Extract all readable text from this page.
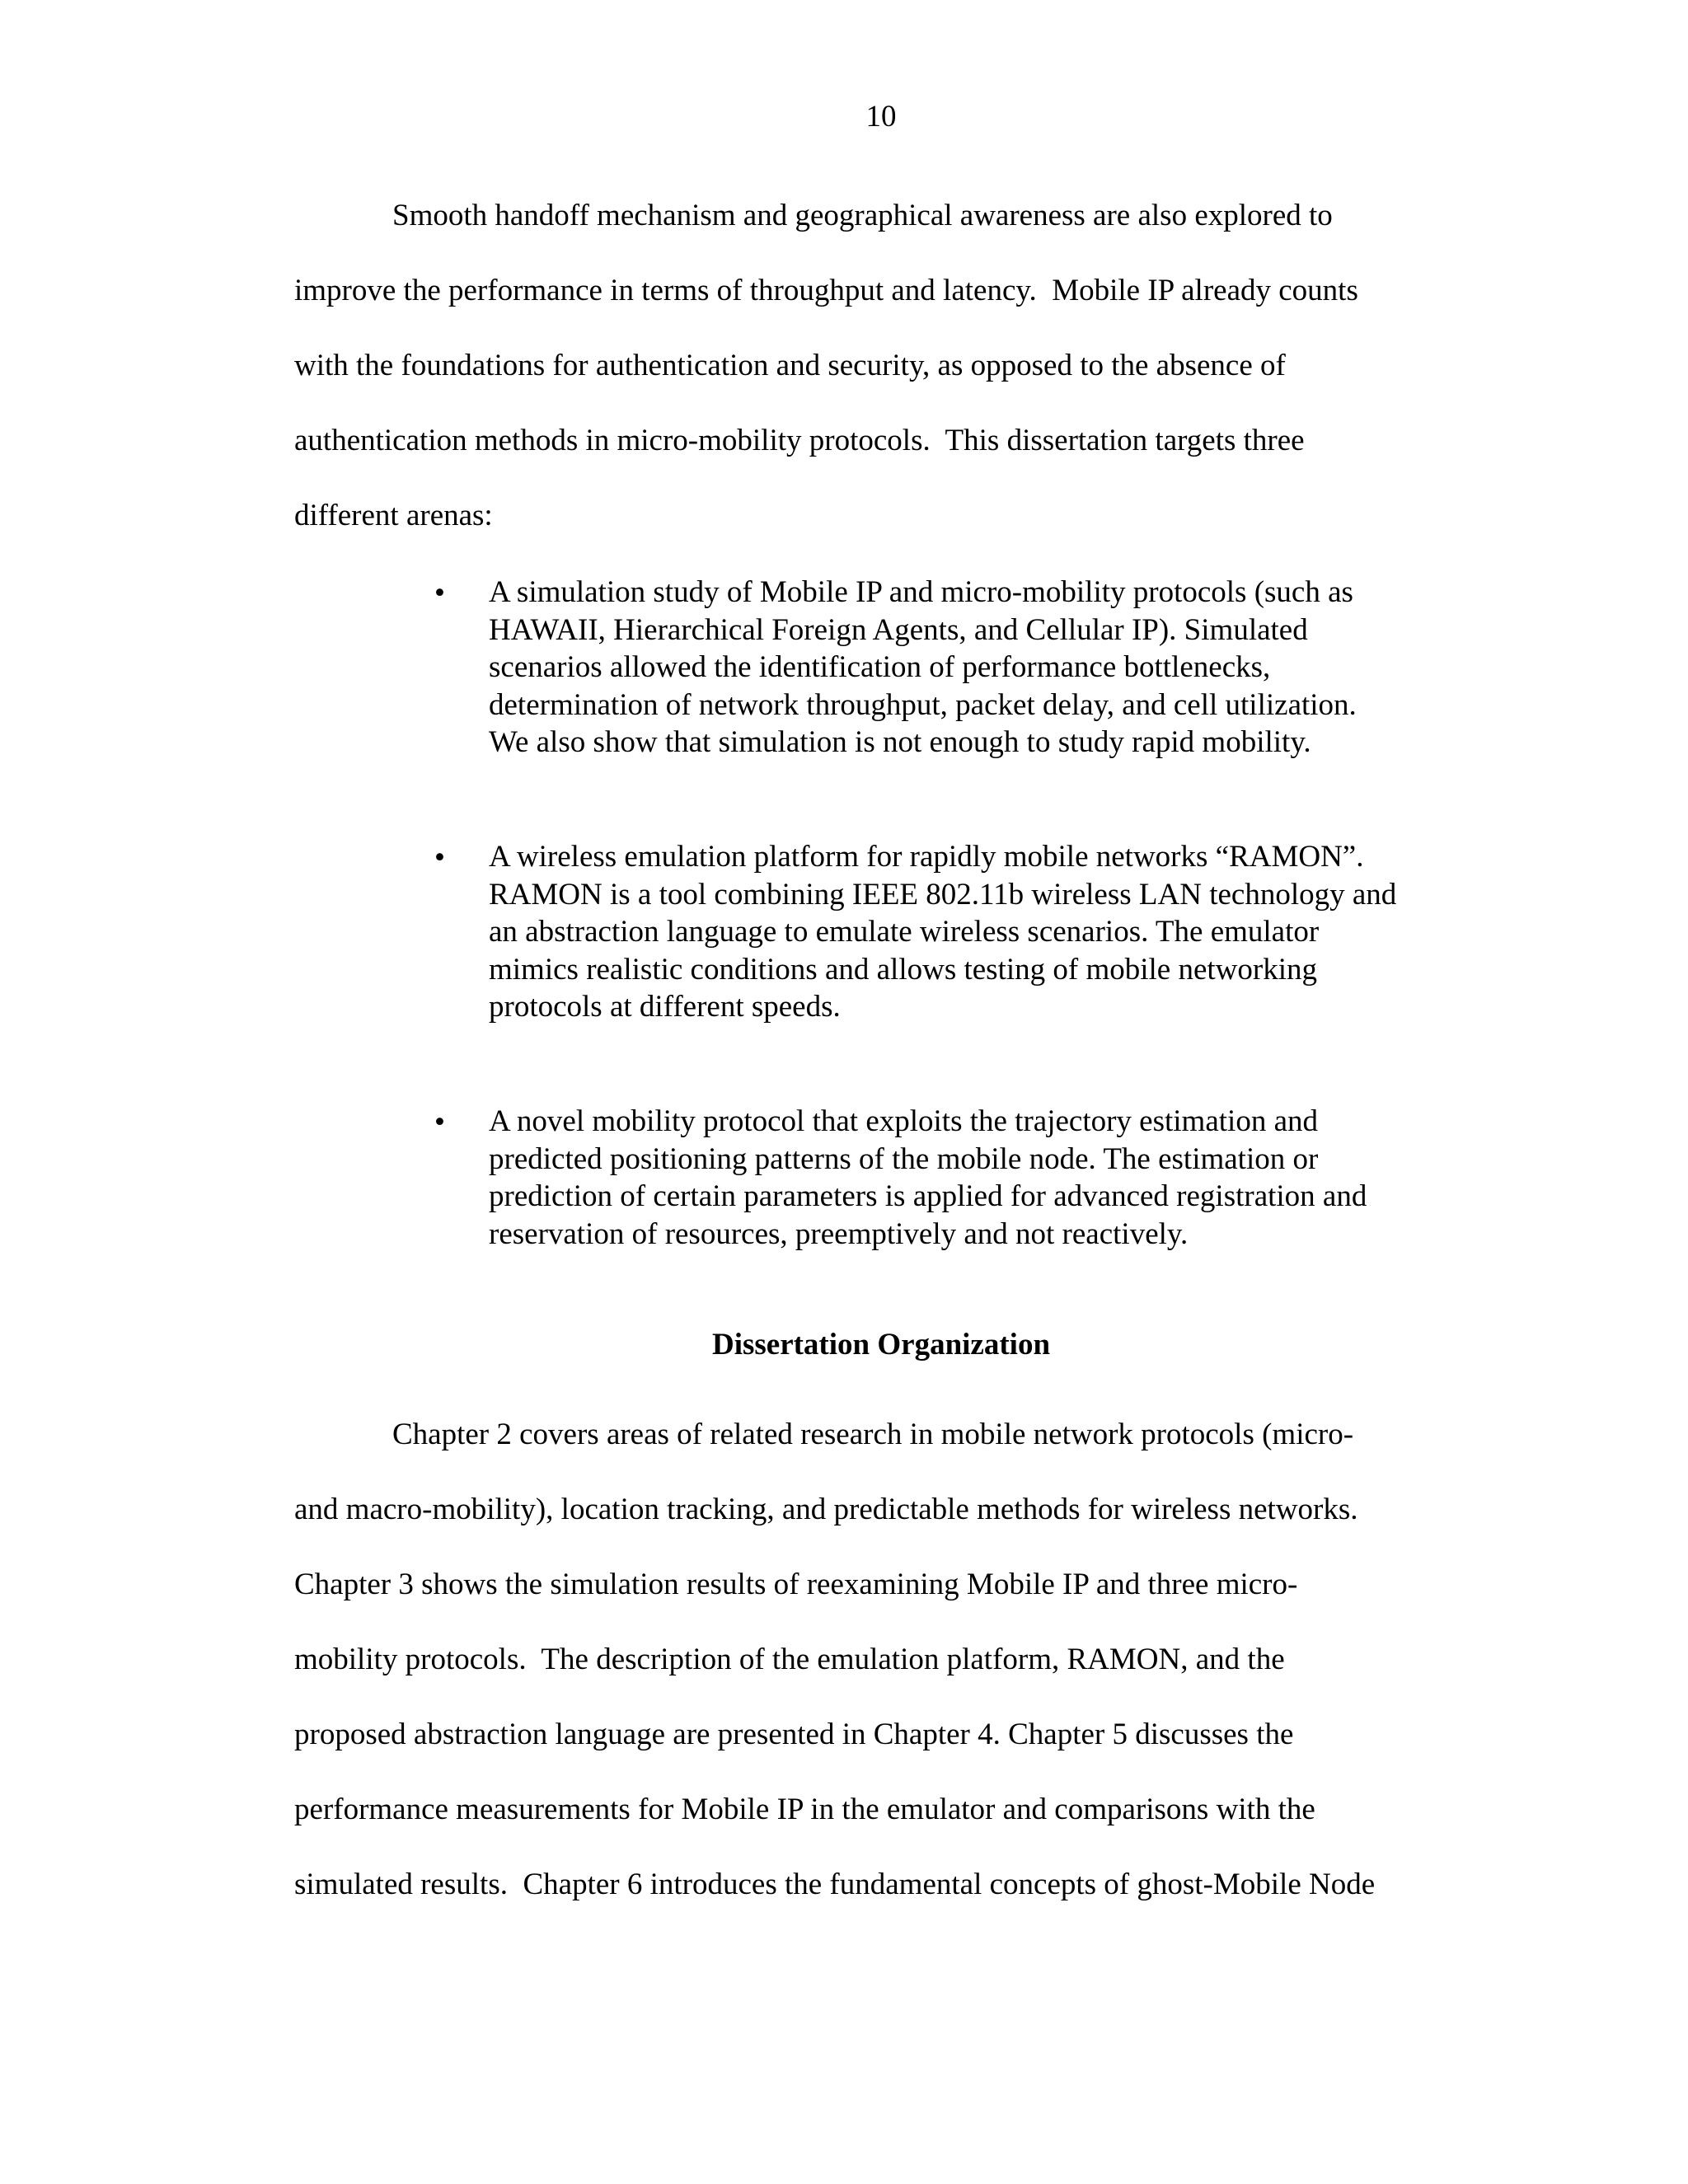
10
Smooth handoff mechanism and geographical awareness are also explored to
improve the performance in terms of throughput and latency.  Mobile IP already counts
with the foundations for authentication and security, as opposed to the absence of
authentication methods in micro-mobility protocols.  This dissertation targets three
different arenas:
• A simulation study of Mobile IP and micro-mobility protocols (such as
HAWAII, Hierarchical Foreign Agents, and Cellular IP). Simulated
scenarios allowed the identification of performance bottlenecks,
determination of network throughput, packet delay, and cell utilization.
We also show that simulation is not enough to study rapid mobility.
• A wireless emulation platform for rapidly mobile networks “RAMON”.
RAMON is a tool combining IEEE 802.11b wireless LAN technology and
an abstraction language to emulate wireless scenarios. The emulator
mimics realistic conditions and allows testing of mobile networking
protocols at different speeds.
• A novel mobility protocol that exploits the trajectory estimation and
predicted positioning patterns of the mobile node. The estimation or
prediction of certain parameters is applied for advanced registration and
reservation of resources, preemptively and not reactively.
Dissertation Organization
Chapter 2 covers areas of related research in mobile network protocols (micro-
and macro-mobility), location tracking, and predictable methods for wireless networks.
Chapter 3 shows the simulation results of reexamining Mobile IP and three micro-
mobility protocols.  The description of the emulation platform, RAMON, and the
proposed abstraction language are presented in Chapter 4. Chapter 5 discusses the
performance measurements for Mobile IP in the emulator and comparisons with the
simulated results.  Chapter 6 introduces the fundamental concepts of ghost-Mobile Node
